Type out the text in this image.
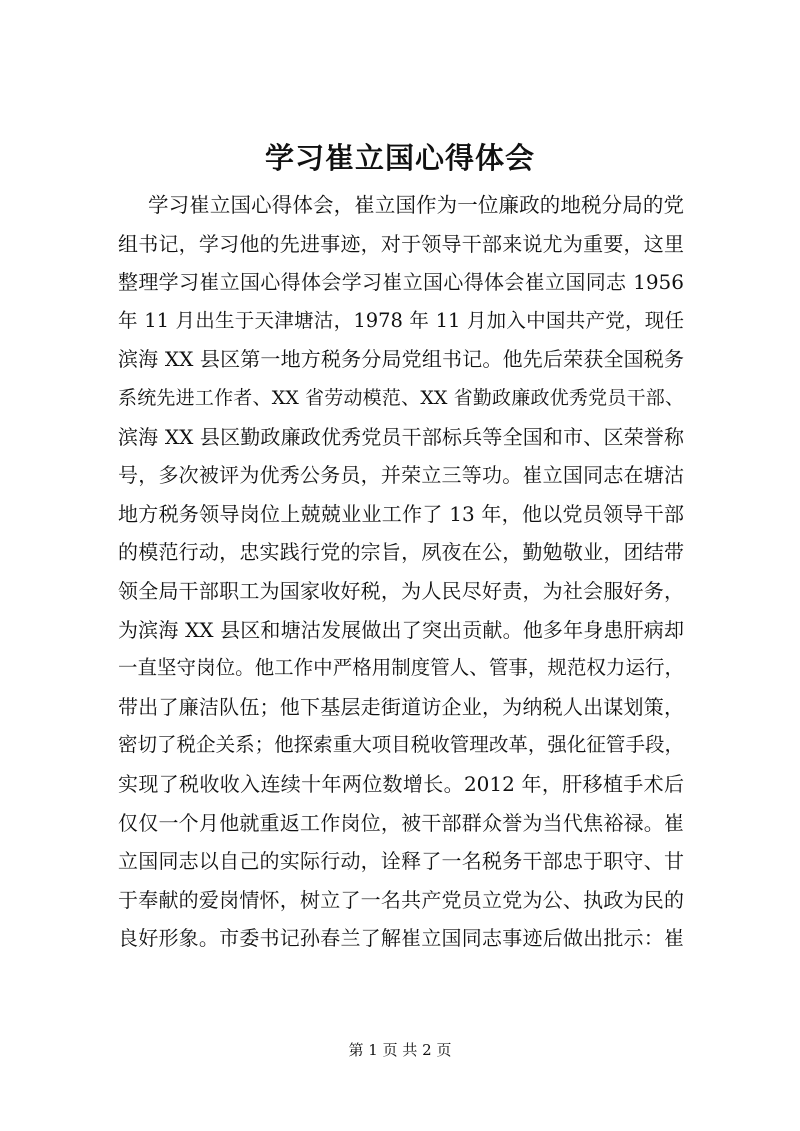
学习崔立国心得体会
学习崔立国心得体会，崔立国作为一位廉政的地税分局的党
组书记，学习他的先进事迹，对于领导干部来说尤为重要，这里
整理学习崔立国心得体会学习崔立国心得体会崔立国同志 1956
年 11 月出生于天津塘沽，1978 年 11 月加入中国共产党，现任
滨海 XX 县区第一地方税务分局党组书记。他先后荣获全国税务
系统先进工作者、XX 省劳动模范、XX 省勤政廉政优秀党员干部、
滨海 XX 县区勤政廉政优秀党员干部标兵等全国和市、区荣誉称
号，多次被评为优秀公务员，并荣立三等功。崔立国同志在塘沽
地方税务领导岗位上兢兢业业工作了 13 年，他以党员领导干部
的模范行动，忠实践行党的宗旨，夙夜在公，勤勉敬业，团结带
领全局干部职工为国家收好税，为人民尽好责，为社会服好务，
为滨海 XX 县区和塘沽发展做出了突出贡献。他多年身患肝病却
一直坚守岗位。他工作中严格用制度管人、管事，规范权力运行，
带出了廉洁队伍；他下基层走街道访企业，为纳税人出谋划策，
密切了税企关系；他探索重大项目税收管理改革，强化征管手段，
实现了税收收入连续十年两位数增长。2012 年，肝移植手术后
仅仅一个月他就重返工作岗位，被干部群众誉为当代焦裕禄。崔
立国同志以自己的实际行动，诠释了一名税务干部忠于职守、甘
于奉献的爱岗情怀，树立了一名共产党员立党为公、执政为民的
良好形象。市委书记孙春兰了解崔立国同志事迹后做出批示：崔
第 1 页 共 2 页
